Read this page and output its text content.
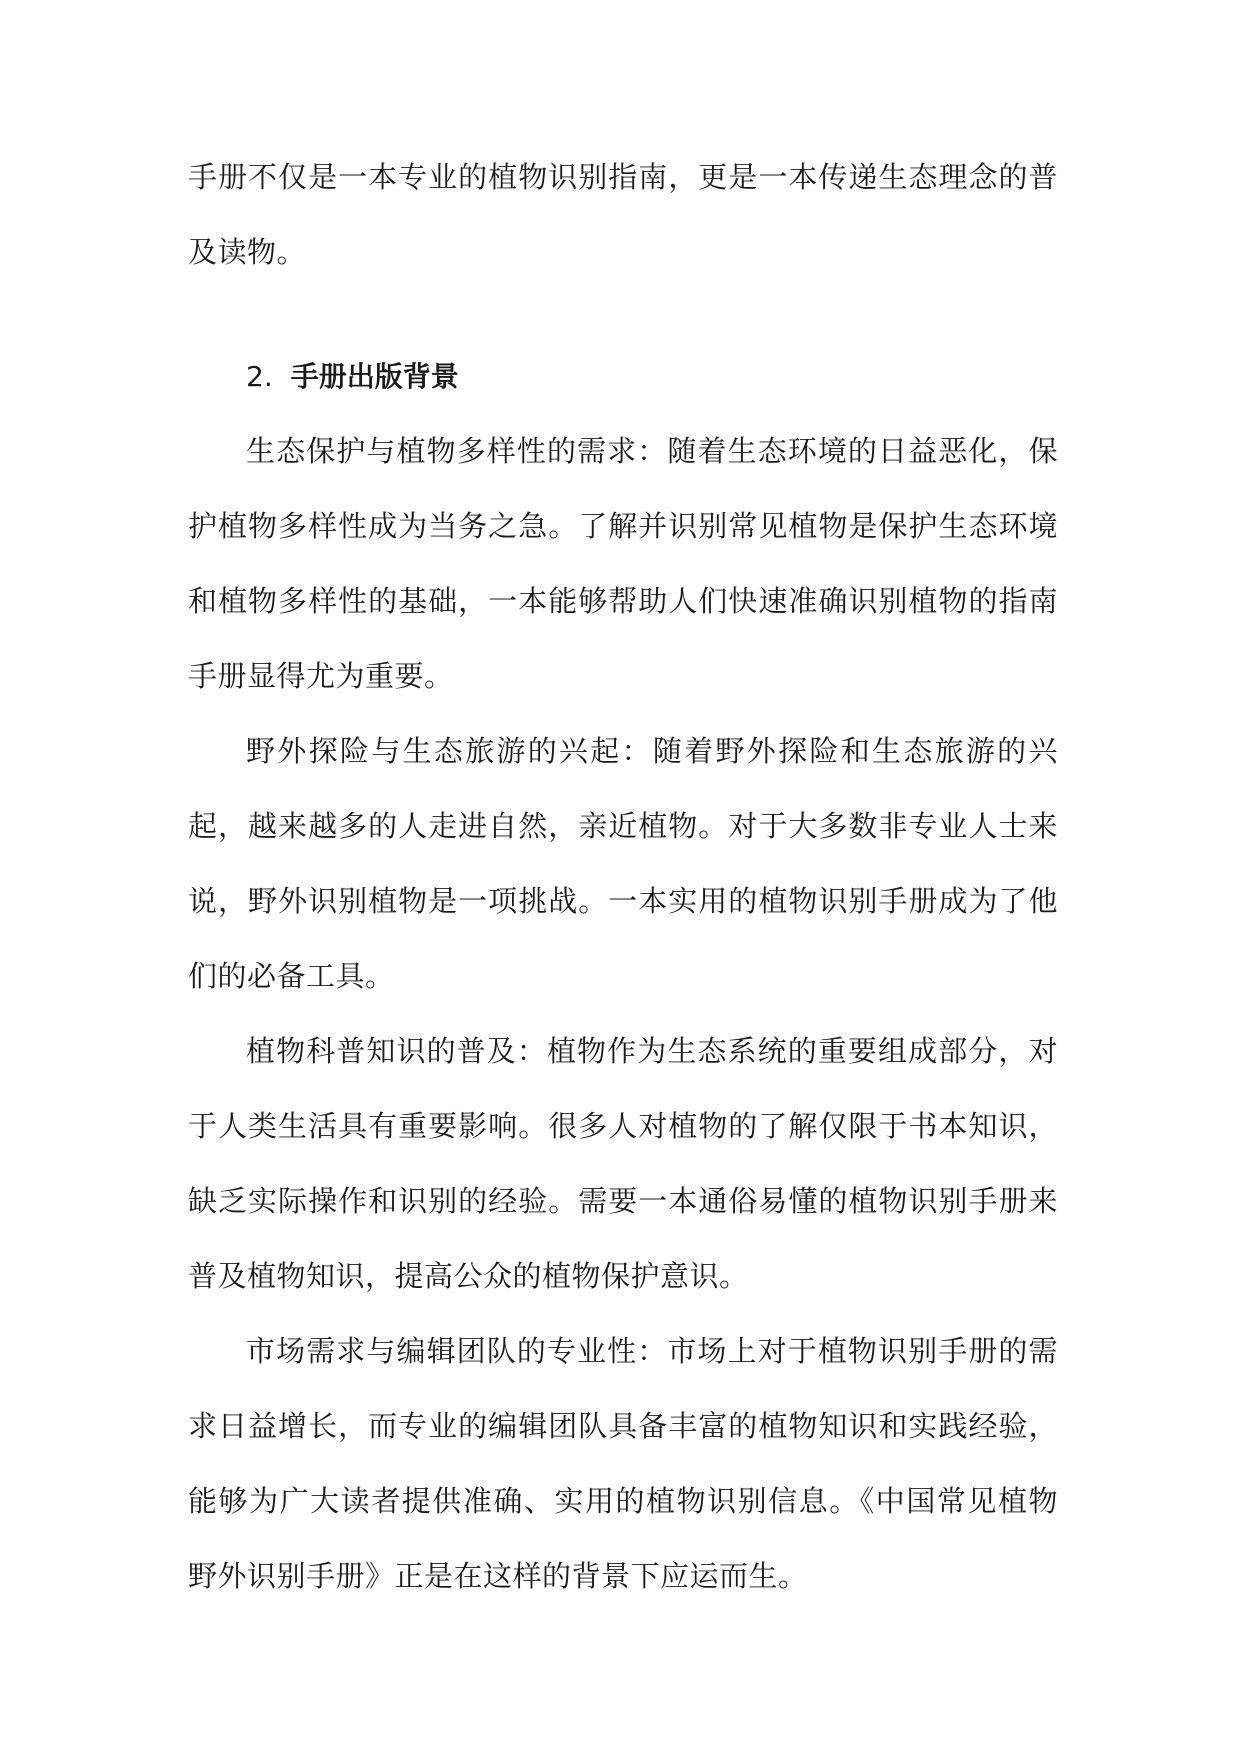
手册不仅是一本专业的植物识别指南，更是一本传递生态理念的普及读物。

2. 手册出版背景

生态保护与植物多样性的需求：随着生态环境的日益恶化，保护植物多样性成为当务之急。了解并识别常见植物是保护生态环境和植物多样性的基础，一本能够帮助人们快速准确识别植物的指南手册显得尤为重要。

野外探险与生态旅游的兴起：随着野外探险和生态旅游的兴起，越来越多的人走进自然，亲近植物。对于大多数非专业人士来说，野外识别植物是一项挑战。一本实用的植物识别手册成为了他们的必备工具。

植物科普知识的普及：植物作为生态系统的重要组成部分，对于人类生活具有重要影响。很多人对植物的了解仅限于书本知识，缺乏实际操作和识别的经验。需要一本通俗易懂的植物识别手册来普及植物知识，提高公众的植物保护意识。

市场需求与编辑团队的专业性：市场上对于植物识别手册的需求日益增长，而专业的编辑团队具备丰富的植物知识和实践经验，能够为广大读者提供准确、实用的植物识别信息。《中国常见植物野外识别手册》正是在这样的背景下应运而生。
